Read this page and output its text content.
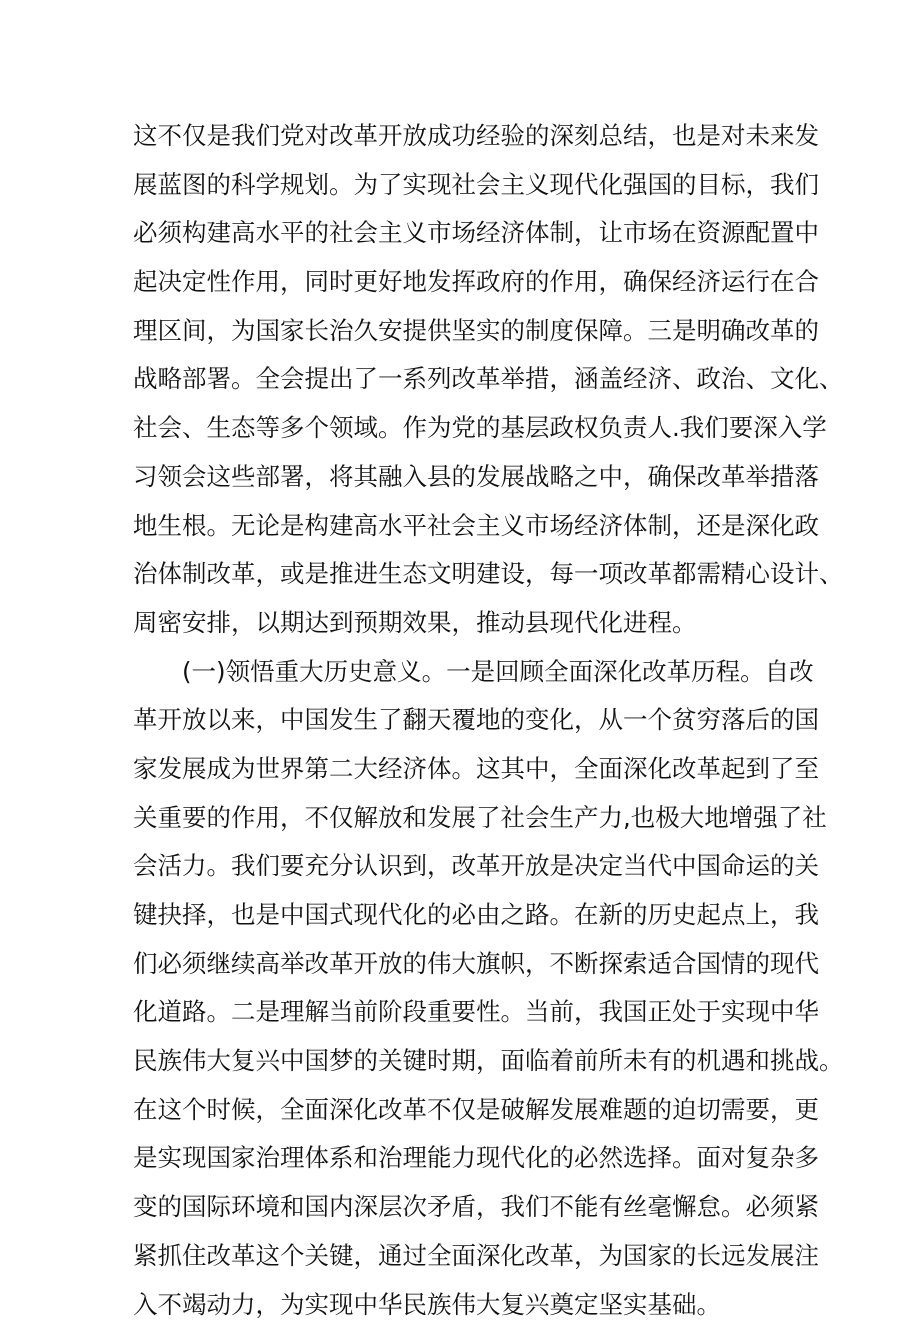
这不仅是我们党对改革开放成功经验的深刻总结，也是对未来发
展蓝图的科学规划。为了实现社会主义现代化强国的目标，我们
必须构建高水平的社会主义市场经济体制，让市场在资源配置中
起决定性作用，同时更好地发挥政府的作用，确保经济运行在合
理区间，为国家长治久安提供坚实的制度保障。三是明确改革的
战略部署。全会提出了一系列改革举措，涵盖经济、政治、文化、
社会、生态等多个领域。作为党的基层政权负责人.我们要深入学
习领会这些部署，将其融入县的发展战略之中，确保改革举措落
地生根。无论是构建高水平社会主义市场经济体制，还是深化政
治体制改革，或是推进生态文明建设，每一项改革都需精心设计、
周密安排，以期达到预期效果，推动县现代化进程。
(一)领悟重大历史意义。一是回顾全面深化改革历程。自改
革开放以来，中国发生了翻天覆地的变化，从一个贫穷落后的国
家发展成为世界第二大经济体。这其中，全面深化改革起到了至
关重要的作用，不仅解放和发展了社会生产力,也极大地增强了社
会活力。我们要充分认识到，改革开放是决定当代中国命运的关
键抉择，也是中国式现代化的必由之路。在新的历史起点上，我
们必须继续高举改革开放的伟大旗帜，不断探索适合国情的现代
化道路。二是理解当前阶段重要性。当前，我国正处于实现中华
民族伟大复兴中国梦的关键时期，面临着前所未有的机遇和挑战。
在这个时候，全面深化改革不仅是破解发展难题的迫切需要，更
是实现国家治理体系和治理能力现代化的必然选择。面对复杂多
变的国际环境和国内深层次矛盾，我们不能有丝毫懈怠。必须紧
紧抓住改革这个关键，通过全面深化改革，为国家的长远发展注
入不竭动力，为实现中华民族伟大复兴奠定坚实基础。
